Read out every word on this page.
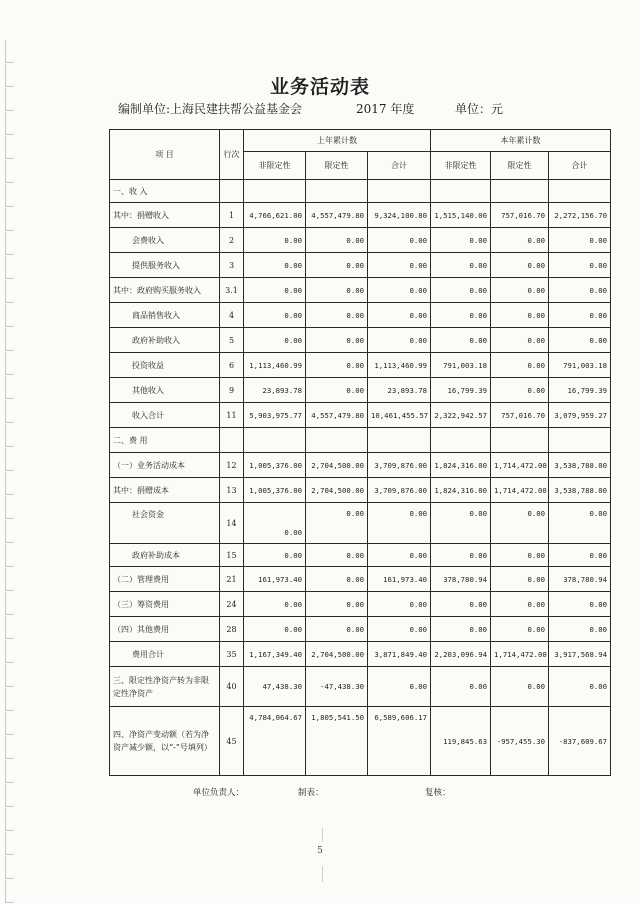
业务活动表
编制单位:上海民建扶帮公益基金会	2017 年度	单位：元
项 目	行次	上年累计数			本年累计数		
		非限定性	限定性	合计	非限定性	限定性	合计
一、收 入							
其中：捐赠收入	1	4,766,621.00	4,557,479.80	9,324,100.80	1,515,140.00	757,016.70	2,272,156.70
会费收入	2	0.00	0.00	0.00	0.00	0.00	0.00
提供服务收入	3	0.00	0.00	0.00	0.00	0.00	0.00
其中：政府购买服务收入	3.1	0.00	0.00	0.00	0.00	0.00	0.00
商品销售收入	4	0.00	0.00	0.00	0.00	0.00	0.00
政府补助收入	5	0.00	0.00	0.00	0.00	0.00	0.00
投资收益	6	1,113,460.99	0.00	1,113,460.99	791,003.18	0.00	791,003.18
其他收入	9	23,893.78	0.00	23,893.78	16,799.39	0.00	16,799.39
收入合计	11	5,903,975.77	4,557,479.80	10,461,455.57	2,322,942.57	757,016.70	3,079,959.27
二、费 用							
（一）业务活动成本	12	1,005,376.00	2,704,500.00	3,709,876.00	1,824,316.00	1,714,472.00	3,538,788.00
其中：捐赠成本	13	1,005,376.00	2,704,500.00	3,709,876.00	1,824,316.00	1,714,472.00	3,538,788.00
社会资金	14	0.00	0.00	0.00	0.00	0.00	0.00
政府补助成本	15	0.00	0.00	0.00	0.00	0.00	0.00
（二）管理费用	21	161,973.40	0.00	161,973.40	378,780.94	0.00	378,780.94
（三）筹资费用	24	0.00	0.00	0.00	0.00	0.00	0.00
（四）其他费用	28	0.00	0.00	0.00	0.00	0.00	0.00
费用合计	35	1,167,349.40	2,704,500.00	3,871,849.40	2,203,096.94	1,714,472.00	3,917,568.94
三、限定性净资产转为非限定性净资产	40	47,438.30	-47,438.30	0.00	0.00	0.00	0.00
四、净资产变动额（若为净资产减少额，以“-”号填列）	45	4,784,064.67	1,805,541.50	6,589,606.17	119,845.63	-957,455.30	-837,609.67
单位负责人：	制表：	复核：
5
